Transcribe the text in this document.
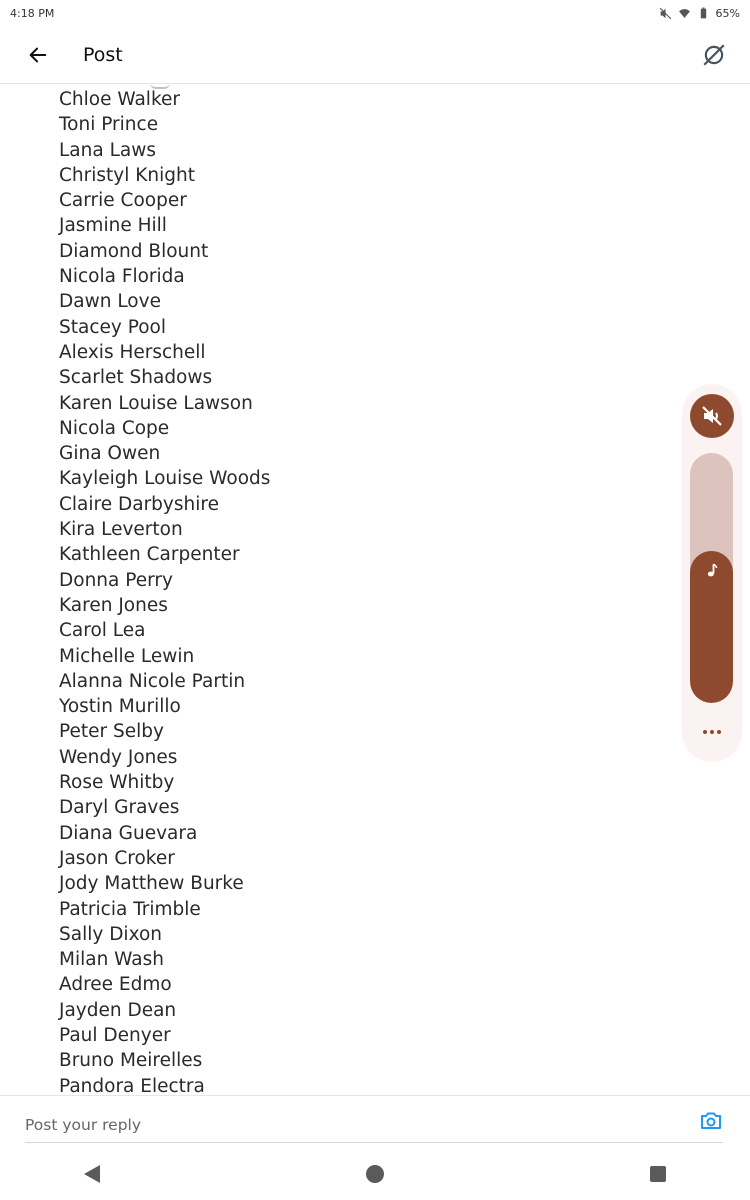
4:18 PM	65%
Post
Chloe Walker
Toni Prince
Lana Laws
Christyl Knight
Carrie Cooper
Jasmine Hill
Diamond Blount
Nicola Florida
Dawn Love
Stacey Pool
Alexis Herschell
Scarlet Shadows
Karen Louise Lawson
Nicola Cope
Gina Owen
Kayleigh Louise Woods
Claire Darbyshire
Kira Leverton
Kathleen Carpenter
Donna Perry
Karen Jones
Carol Lea
Michelle Lewin
Alanna Nicole Partin
Yostin Murillo
Peter Selby
Wendy Jones
Rose Whitby
Daryl Graves
Diana Guevara
Jason Croker
Jody Matthew Burke
Patricia Trimble
Sally Dixon
Milan Wash
Adree Edmo
Jayden Dean
Paul Denyer
Bruno Meirelles
Pandora Electra
Post your reply
